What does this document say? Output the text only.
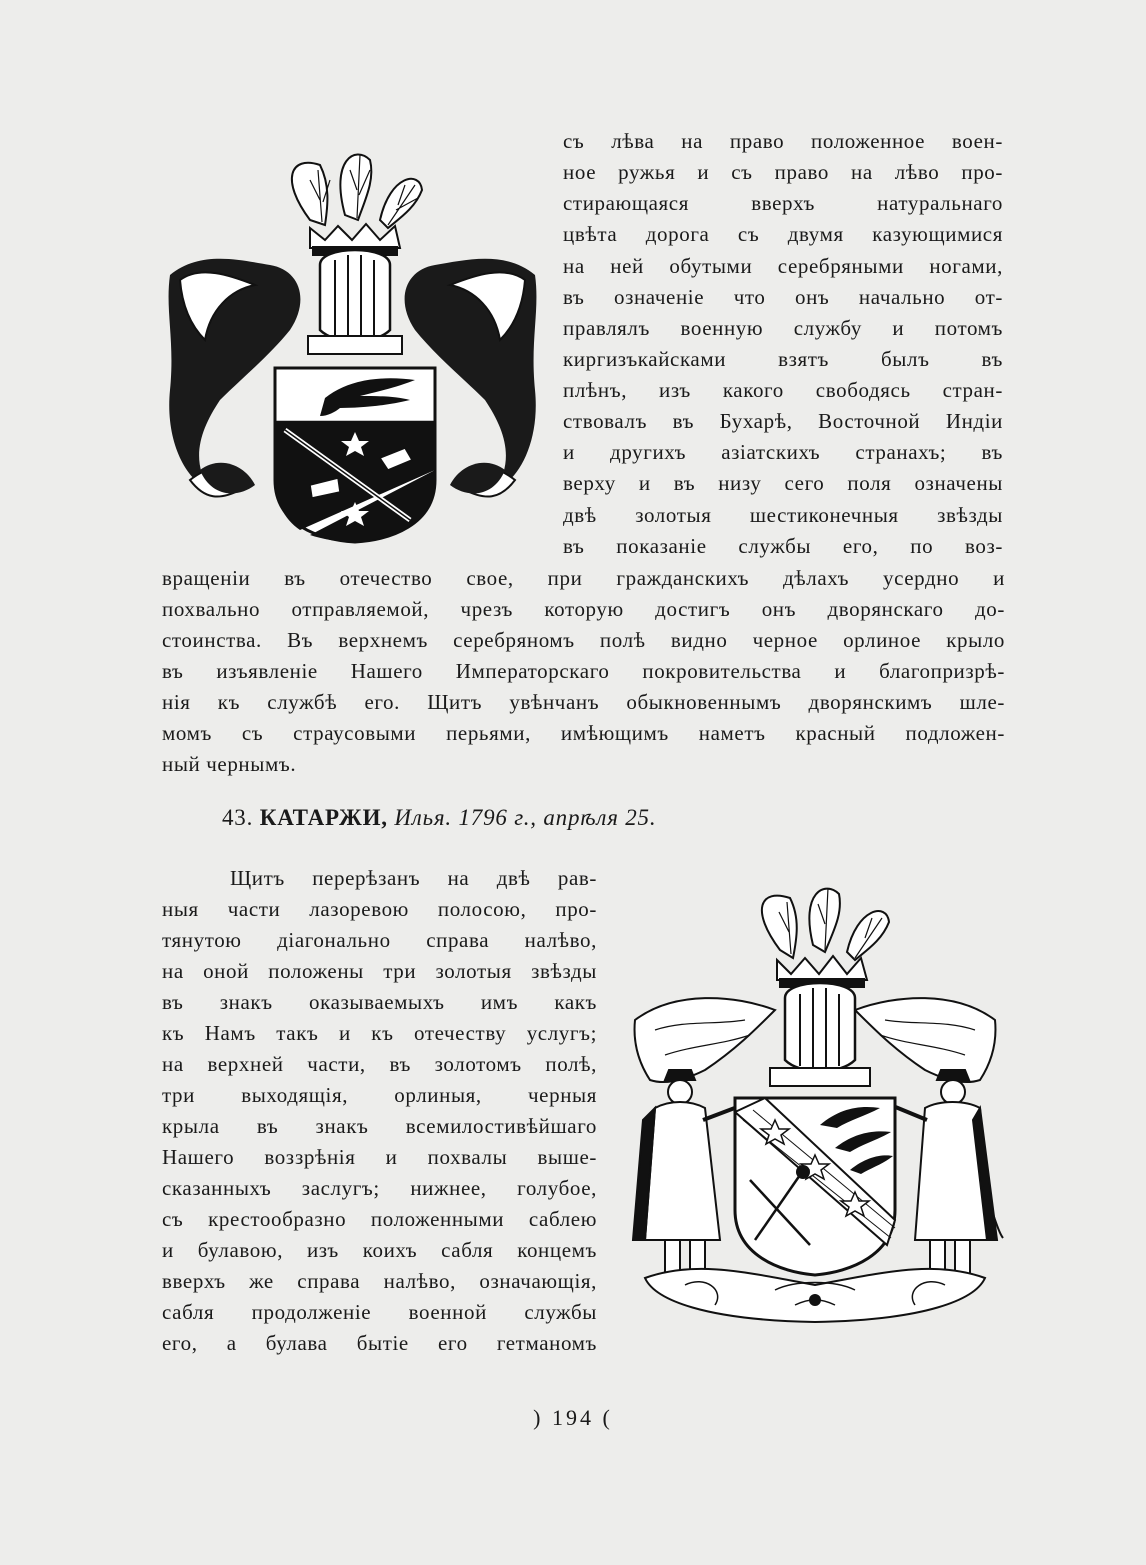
съ лѣва на право положенное воен-
ное ружья и съ право на лѣво про-
стирающаяся вверхъ натуральнаго
цвѣта дорога съ двумя казующимися
на ней обутыми серебряными ногами,
въ означеніе что онъ начально от-
правлялъ военную службу и потомъ
киргизъкайсками взятъ былъ въ
плѣнъ, изъ какого свободясь стран-
ствовалъ въ Бухарѣ, Восточной Индіи
и другихъ азіатскихъ странахъ; въ
верху и въ низу сего поля означены
двѣ золотыя шестиконечныя звѣзды
въ показаніе службы его, по воз-
вращеніи въ отечество свое, при гражданскихъ дѣлахъ усердно и
похвально отправляемой, чрезъ которую достигъ онъ дворянскаго до-
стоинства. Въ верхнемъ серебряномъ полѣ видно черное орлиное крыло
въ изъявленіе Нашего Императорскаго покровительства и благопризрѣ-
нія къ службѣ его. Щитъ увѣнчанъ обыкновеннымъ дворянскимъ шле-
момъ съ страусовыми перьями, имѣющимъ наметъ красный подложен-
ный чернымъ.
43. КАТАРЖИ, Илья. 1796 г., апрѣля 25.
Щитъ перерѣзанъ на двѣ рав-
ныя части лазоревою полосою, про-
тянутою діагонально справа налѣво,
на оной положены три золотыя звѣзды
въ знакъ оказываемыхъ имъ какъ
къ Намъ такъ и къ отечеству услугъ;
на верхней части, въ золотомъ полѣ,
три выходящія, орлиныя, черныя
крыла въ знакъ всемилостивѣйшаго
Нашего воззрѣнія и похвалы выше-
сказанныхъ заслугъ; нижнее, голубое,
съ крестообразно положенными саблею
и булавою, изъ коихъ сабля концемъ
вверхъ же справа налѣво, означающія,
сабля продолженіе военной службы
его, а булава бытіе его гетманомъ
) 194 (
